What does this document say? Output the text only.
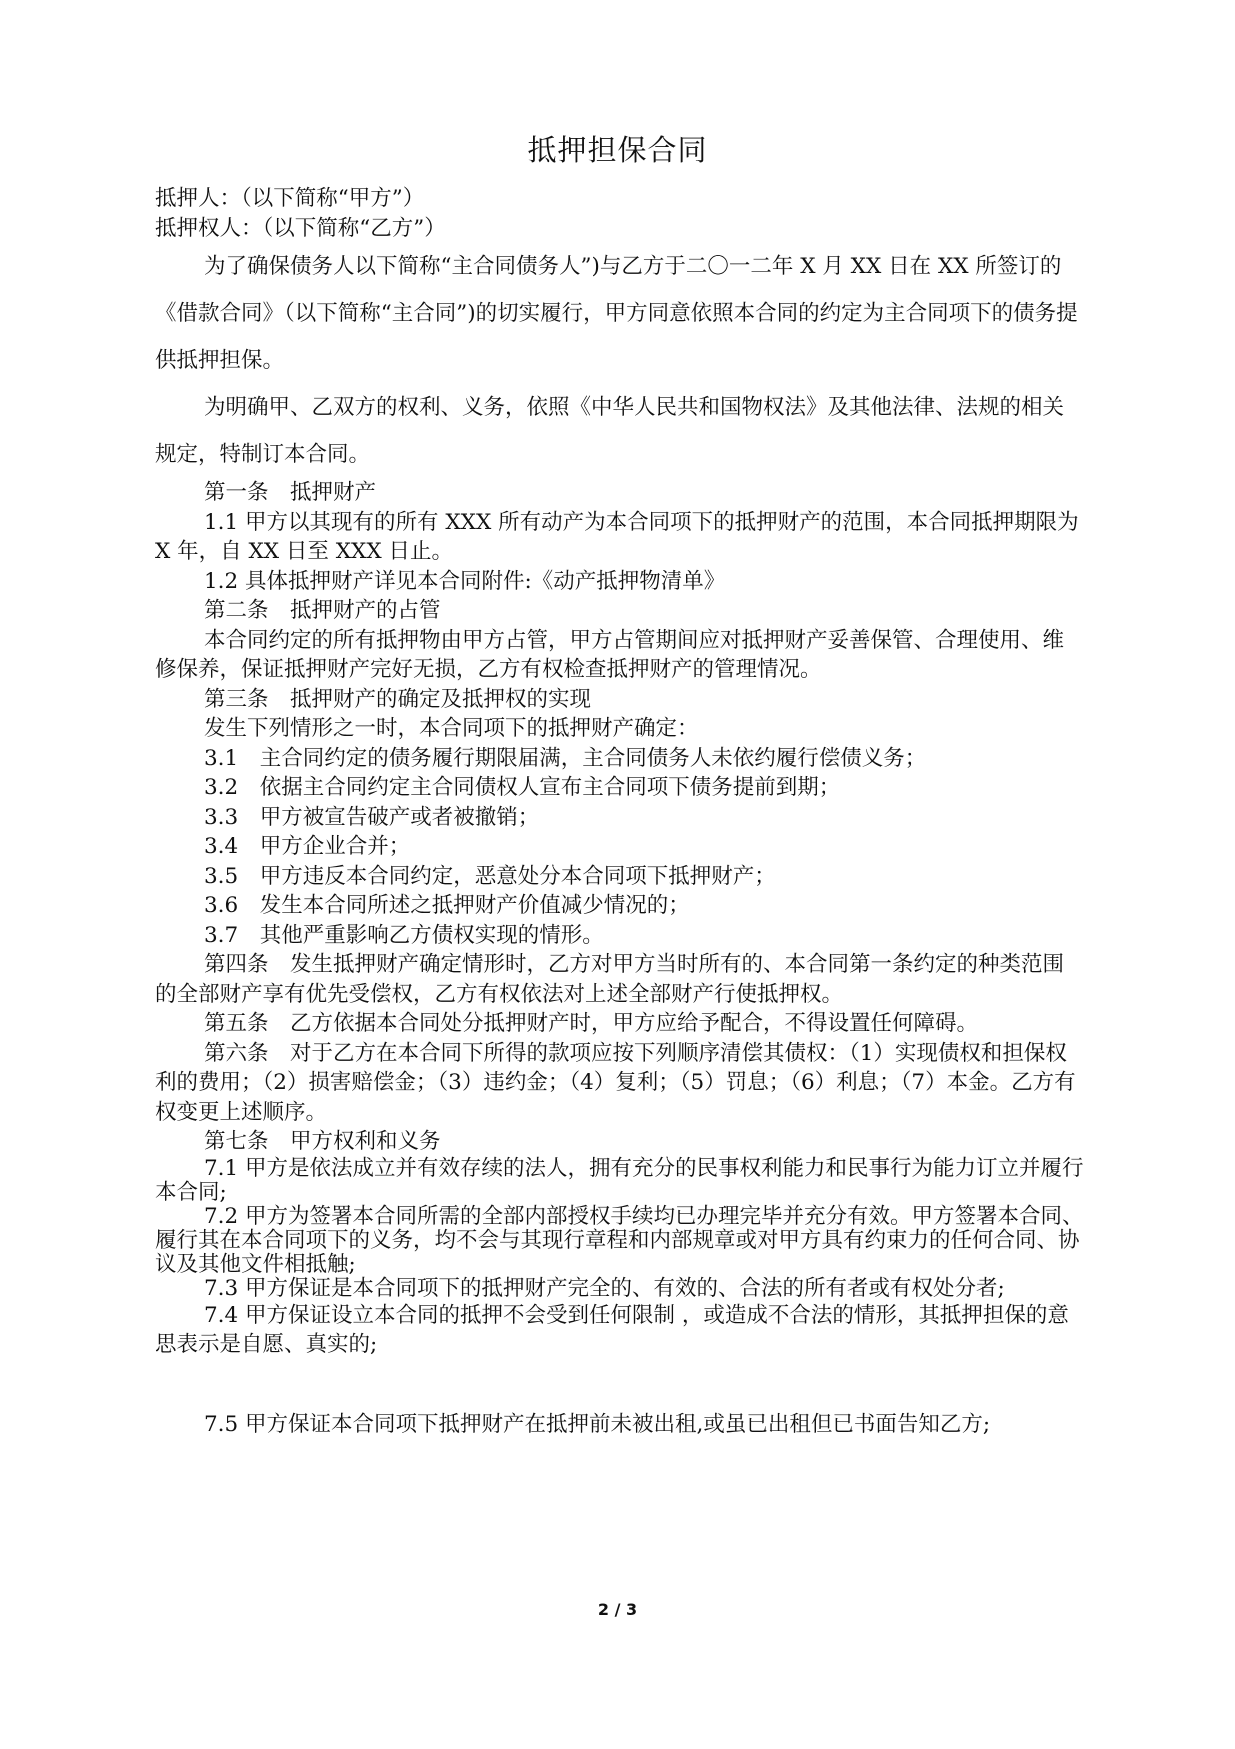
抵押担保合同

抵押人：（以下简称“甲方”）

抵押权人：（以下简称“乙方”）

为了确保债务人以下简称“主合同债务人”)与乙方于二〇一二年 X 月 XX 日在 XX 所签订的《借款合同》（以下简称“主合同”)的切实履行，甲方同意依照本合同的约定为主合同项下的债务提供抵押担保。

为明确甲、乙双方的权利、义务，依照《中华人民共和国物权法》及其他法律、法规的相关规定，特制订本合同。

第一条　抵押财产

1.1 甲方以其现有的所有 XXX 所有动产为本合同项下的抵押财产的范围，本合同抵押期限为 X 年，自 XX 日至 XXX 日止。

1.2 具体抵押财产详见本合同附件:《动产抵押物清单》

第二条　抵押财产的占管

本合同约定的所有抵押物由甲方占管，甲方占管期间应对抵押财产妥善保管、合理使用、维修保养，保证抵押财产完好无损，乙方有权检查抵押财产的管理情况。

第三条　抵押财产的确定及抵押权的实现

发生下列情形之一时，本合同项下的抵押财产确定：

3.1　主合同约定的债务履行期限届满，主合同债务人未依约履行偿债义务；

3.2　依据主合同约定主合同债权人宣布主合同项下债务提前到期；

3.3　甲方被宣告破产或者被撤销；

3.4　甲方企业合并；

3.5　甲方违反本合同约定，恶意处分本合同项下抵押财产；

3.6　发生本合同所述之抵押财产价值减少情况的；

3.7　其他严重影响乙方债权实现的情形。

第四条　发生抵押财产确定情形时，乙方对甲方当时所有的、本合同第一条约定的种类范围的全部财产享有优先受偿权，乙方有权依法对上述全部财产行使抵押权。

第五条　乙方依据本合同处分抵押财产时，甲方应给予配合，不得设置任何障碍。

第六条　对于乙方在本合同下所得的款项应按下列顺序清偿其债权：（1）实现债权和担保权利的费用；（2）损害赔偿金；（3）违约金；（4）复利；（5）罚息；（6）利息；（7）本金。乙方有权变更上述顺序。

第七条　甲方权利和义务

7.1 甲方是依法成立并有效存续的法人，拥有充分的民事权利能力和民事行为能力订立并履行本合同;

7.2 甲方为签署本合同所需的全部内部授权手续均已办理完毕并充分有效。甲方签署本合同、履行其在本合同项下的义务，均不会与其现行章程和内部规章或对甲方具有约束力的任何合同、协议及其他文件相抵触;

7.3 甲方保证是本合同项下的抵押财产完全的、有效的、合法的所有者或有权处分者;

7.4 甲方保证设立本合同的抵押不会受到任何限制 ，或造成不合法的情形，其抵押担保的意思表示是自愿、真实的;

7.5 甲方保证本合同项下抵押财产在抵押前未被出租,或虽已出租但已书面告知乙方;

2 / 3
